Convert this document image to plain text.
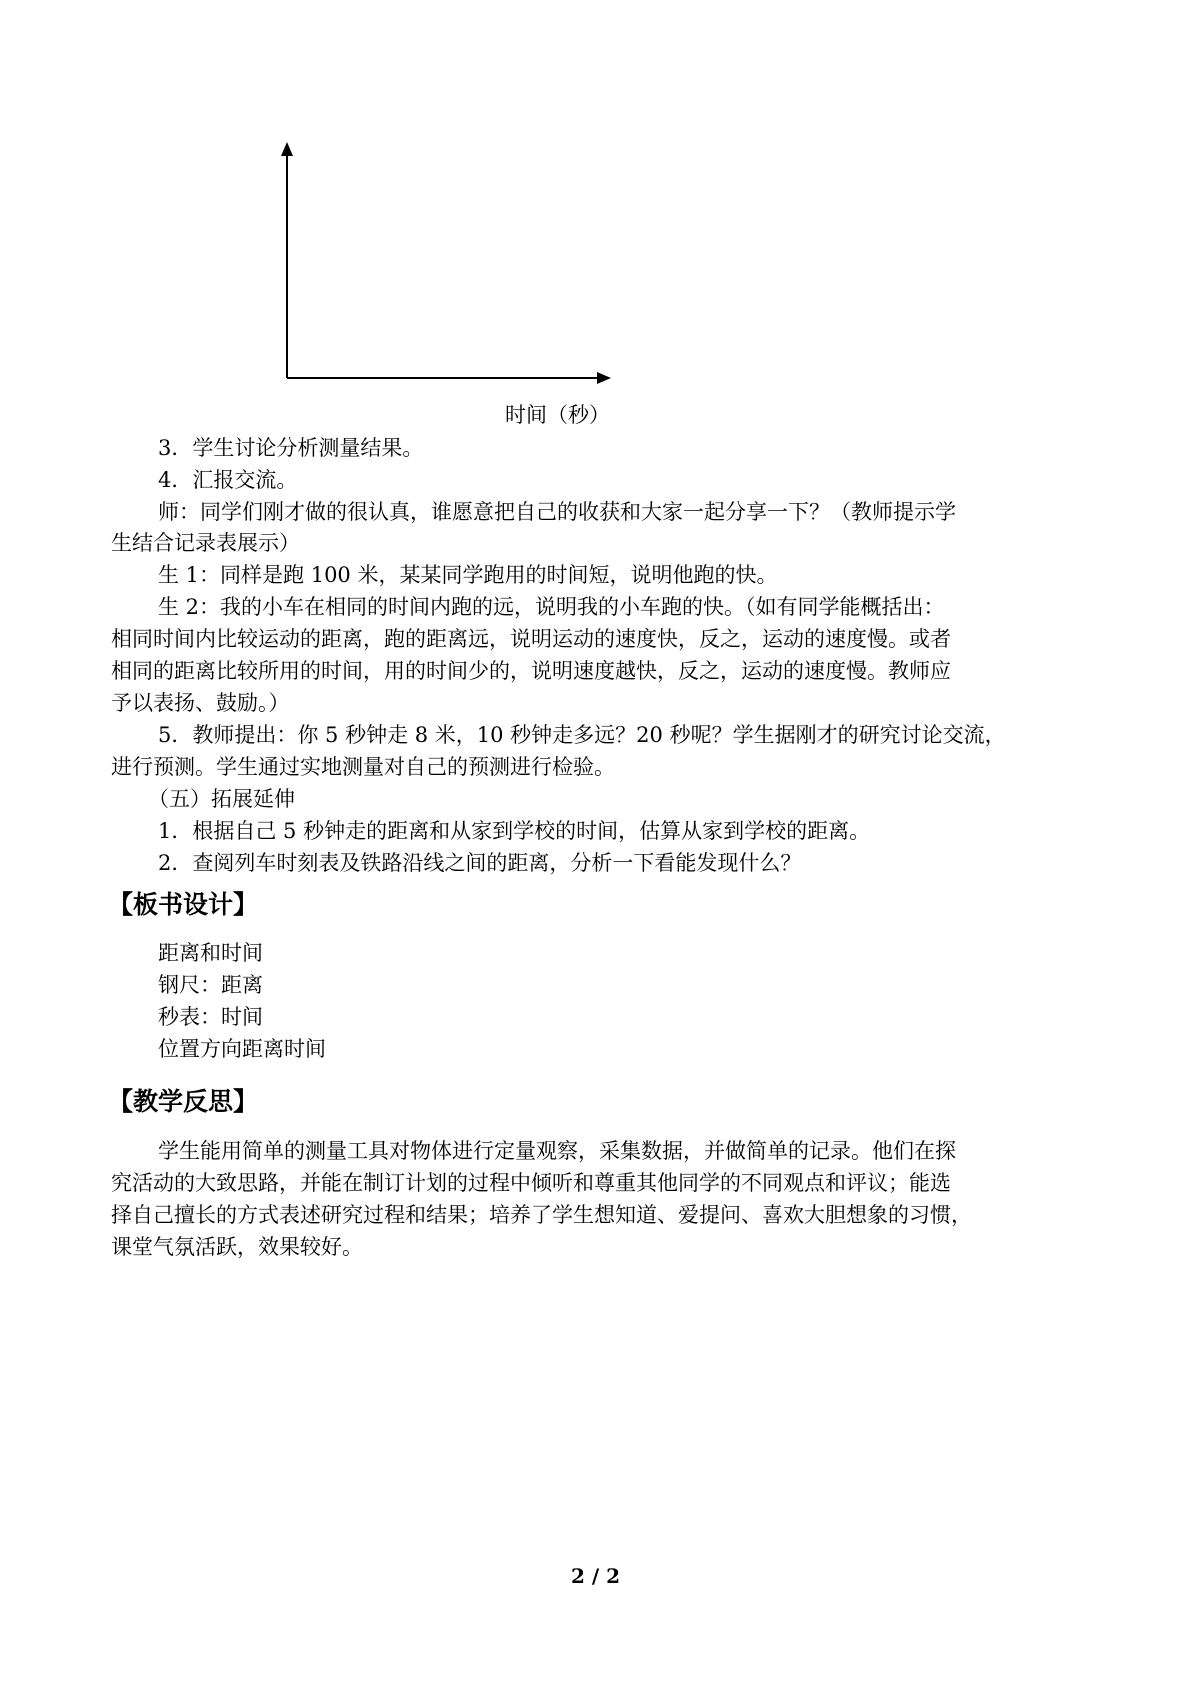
时间（秒）
3．学生讨论分析测量结果。
4．汇报交流。
师：同学们刚才做的很认真，谁愿意把自己的收获和大家一起分享一下？（教师提示学
生结合记录表展示）
生 1：同样是跑 100 米，某某同学跑用的时间短，说明他跑的快。
生 2：我的小车在相同的时间内跑的远，说明我的小车跑的快。（如有同学能概括出：
相同时间内比较运动的距离，跑的距离远，说明运动的速度快，反之，运动的速度慢。或者
相同的距离比较所用的时间，用的时间少的，说明速度越快，反之，运动的速度慢。教师应
予以表扬、鼓励。）
5．教师提出：你 5 秒钟走 8 米，10 秒钟走多远？20 秒呢？学生据刚才的研究讨论交流，
进行预测。学生通过实地测量对自己的预测进行检验。
（五）拓展延伸
1．根据自己 5 秒钟走的距离和从家到学校的时间，估算从家到学校的距离。
2．查阅列车时刻表及铁路沿线之间的距离，分析一下看能发现什么？
【板书设计】
距离和时间
钢尺：距离
秒表：时间
位置方向距离时间
【教学反思】
学生能用简单的测量工具对物体进行定量观察，采集数据，并做简单的记录。他们在探
究活动的大致思路，并能在制订计划的过程中倾听和尊重其他同学的不同观点和评议；能选
择自己擅长的方式表述研究过程和结果；培养了学生想知道、爱提问、喜欢大胆想象的习惯，
课堂气氛活跃，效果较好。
2 / 2
